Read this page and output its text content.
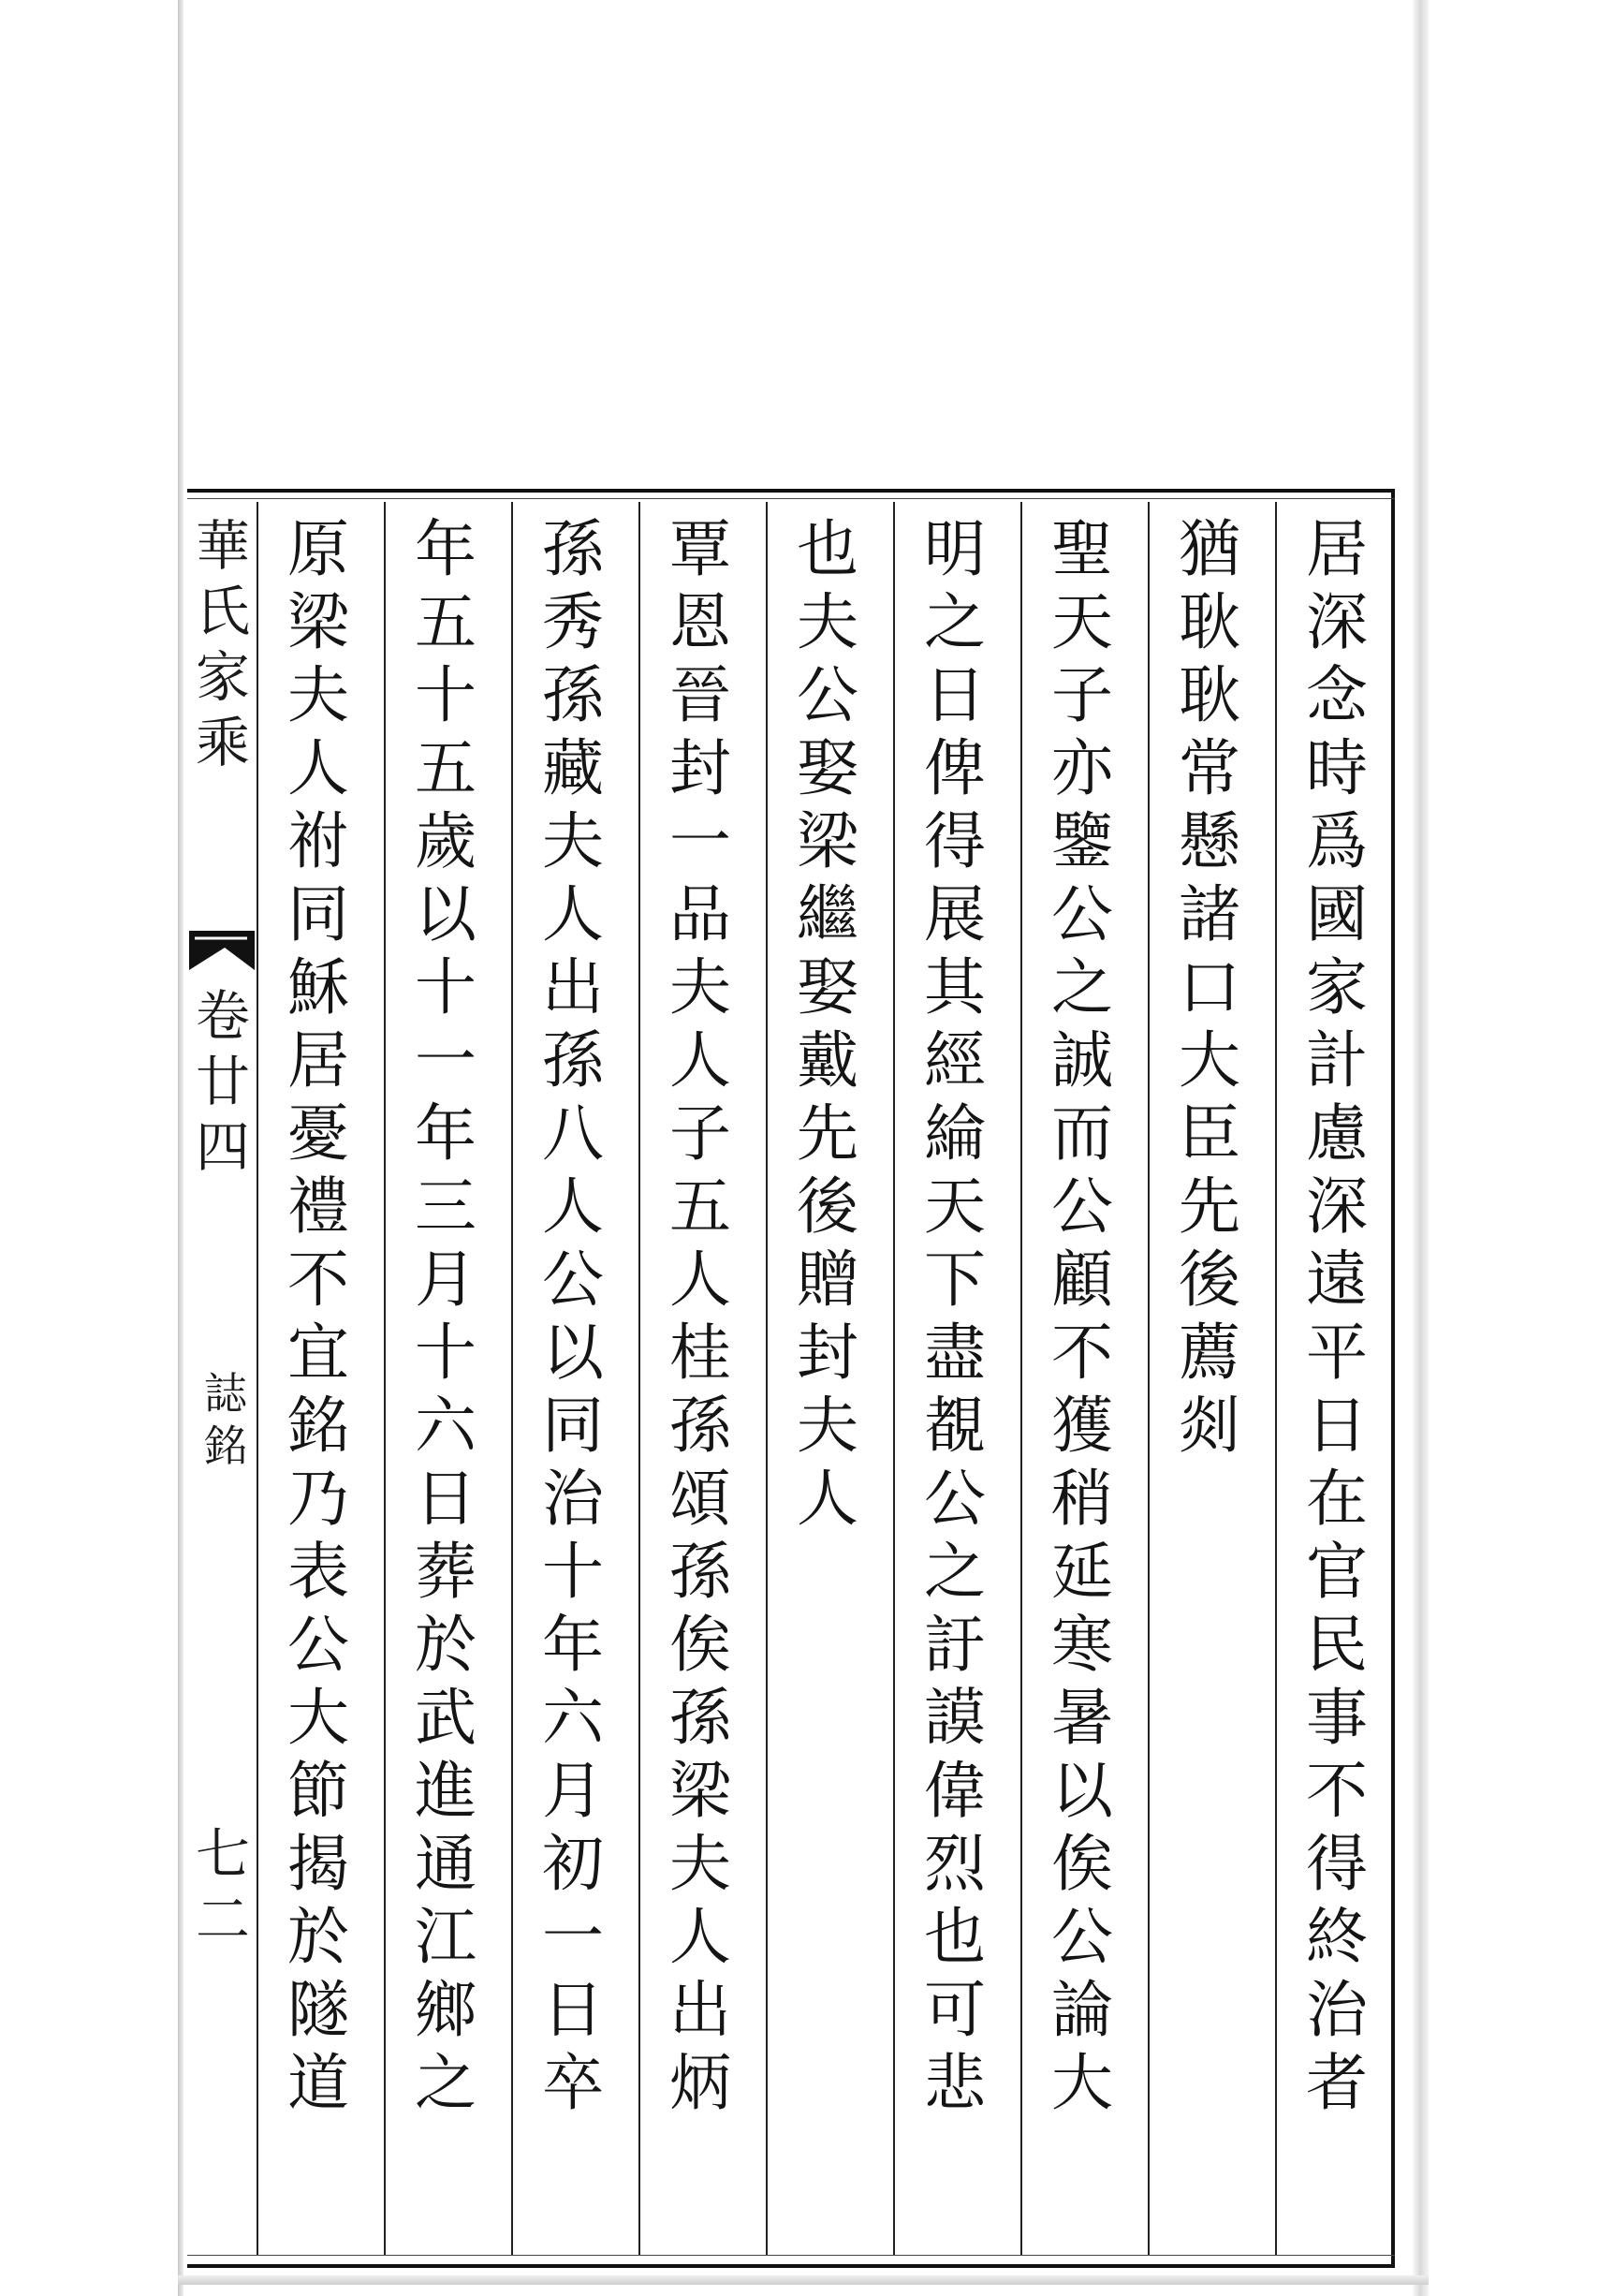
華氏家乘
卷廿四
誌銘
七二
居深念時爲國家計慮深遠平日在官民事不得終治者
猶耿耿常懸諸口大臣先後薦剡
聖天子亦鑒公之誠而公顧不獲稍延寒暑以俟公論大
明之日俾得展其經綸天下盡覩公之訏謨偉烈也可悲
也夫公娶梁繼娶戴先後　贈封夫人
覃恩晉封一品夫人子五人桂孫頌孫俟孫梁夫人出炳
孫秀孫藏夫人出孫八人公以同治十年六月初一日卒
年五十五歲以十一年三月十六日葬於武進通江鄉之
原梁夫人祔同穌居憂禮不宜銘乃表公大節揭於隧道
